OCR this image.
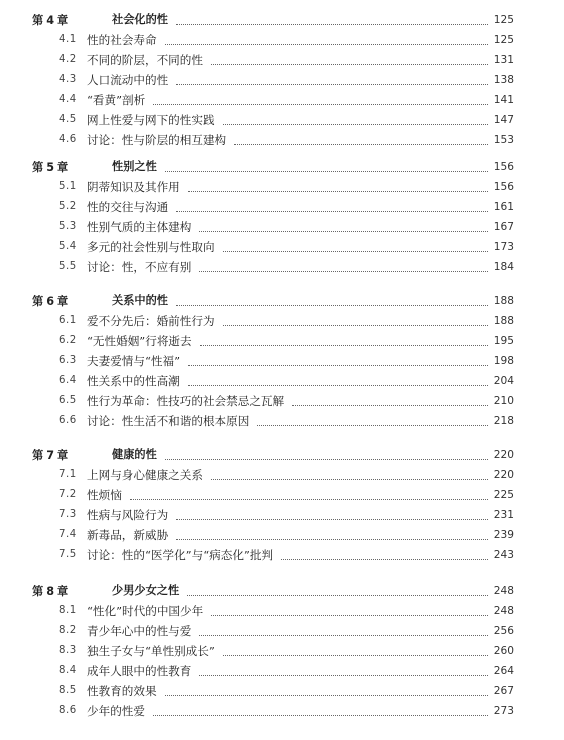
第 4 章	社会化的性	125
4.1 性的社会寿命	125
4.2 不同的阶层，不同的性	131
4.3 人口流动中的性	138
4.4 “看黄”剖析	141
4.5 网上性爱与网下的性实践	147
4.6 讨论：性与阶层的相互建构	153
第 5 章	性别之性	156
5.1 阴蒂知识及其作用	156
5.2 性的交往与沟通	161
5.3 性别气质的主体建构	167
5.4 多元的社会性别与性取向	173
5.5 讨论：性，不应有别	184
第 6 章	关系中的性	188
6.1 爱不分先后：婚前性行为	188
6.2 “无性婚姻”行将逝去	195
6.3 夫妻爱情与“性福”	198
6.4 性关系中的性高潮	204
6.5 性行为革命：性技巧的社会禁忌之瓦解	210
6.6 讨论：性生活不和谐的根本原因	218
第 7 章	健康的性	220
7.1 上网与身心健康之关系	220
7.2 性烦恼	225
7.3 性病与风险行为	231
7.4 新毒品，新威胁	239
7.5 讨论：性的“医学化”与“病态化”批判	243
第 8 章	少男少女之性	248
8.1 “性化”时代的中国少年	248
8.2 青少年心中的性与爱	256
8.3 独生子女与“单性别成长”	260
8.4 成年人眼中的性教育	264
8.5 性教育的效果	267
8.6 少年的性爱	273
